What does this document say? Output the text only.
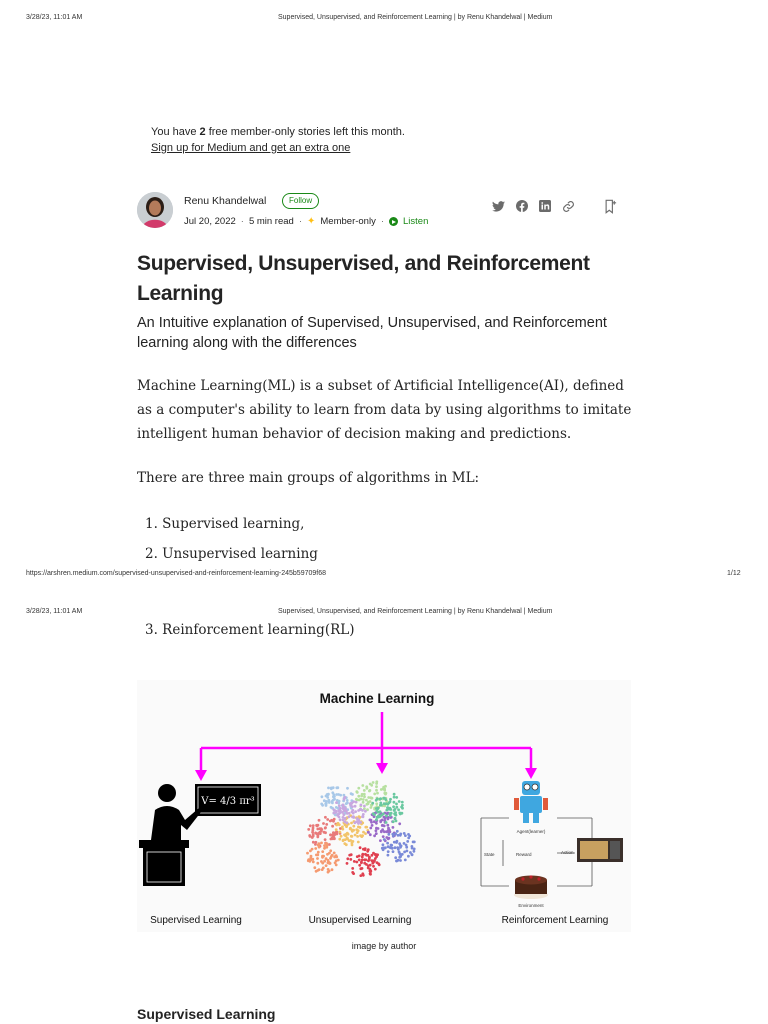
3/28/23, 11:01 AM	Supervised, Unsupervised, and Reinforcement Learning | by Renu Khandelwal | Medium
https://arshren.medium.com/supervised-unsupervised-and-reinforcement-learning-245b59709f68	1/12
3/28/23, 11:01 AM	Supervised, Unsupervised, and Reinforcement Learning | by Renu Khandelwal | Medium
You have 2 free member-only stories left this month.
Sign up for Medium and get an extra one
Renu Khandelwal	Follow
Jul 20, 2022 · 5 min read · ✦ Member-only · Listen
Supervised, Unsupervised, and Reinforcement Learning
An Intuitive explanation of Supervised, Unsupervised, and Reinforcement learning along with the differences
Machine Learning(ML) is a subset of Artificial Intelligence(AI), defined as a computer's ability to learn from data by using algorithms to imitate intelligent human behavior of decision making and predictions.
There are three main groups of algorithms in ML:
1. Supervised learning,
2. Unsupervised learning
3. Reinforcement learning(RL)
Machine Learning
V= 4/3 πr³
Agent(learner)
State	Reward	Action
Environment
Supervised Learning	Unsupervised Learning	Reinforcement Learning
image by author
Supervised Learning
